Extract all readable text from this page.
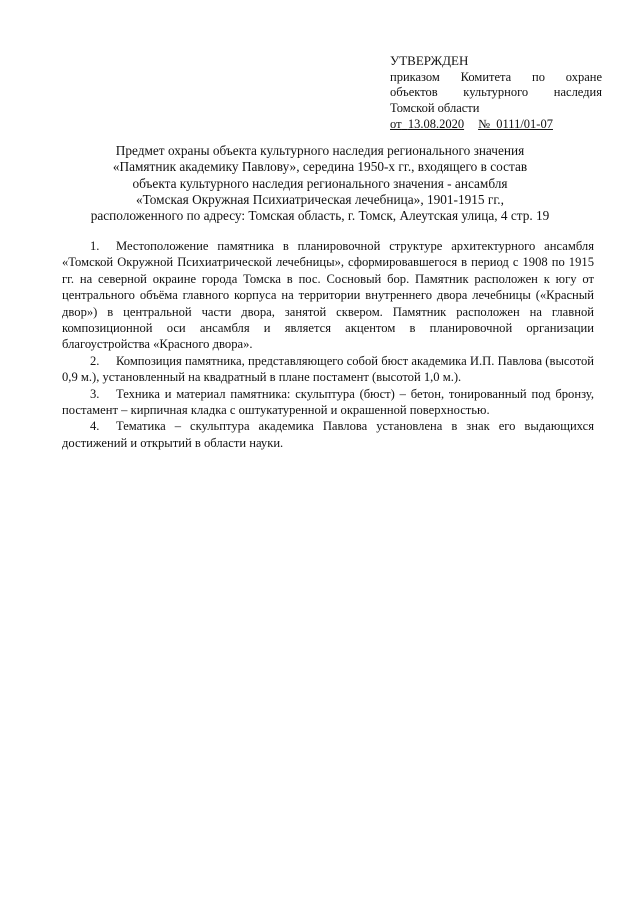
УТВЕРЖДЕН
приказом Комитета по охране
объектов культурного наследия
Томской области
от 13.08.2020 № 0111/01-07
Предмет охраны объекта культурного наследия регионального значения
«Памятник академику Павлову», середина 1950-х гг., входящего в состав
объекта культурного наследия регионального значения - ансамбля
«Томская Окружная Психиатрическая лечебница», 1901-1915 гг.,
расположенного по адресу: Томская область, г. Томск, Алеутская улица, 4 стр. 19

1. Местоположение памятника в планировочной структуре архитектурного ансамбля «Томской Окружной Психиатрической лечебницы», сформировавшегося в период с 1908 по 1915 гг. на северной окраине города Томска в пос. Сосновый бор. Памятник расположен к югу от центрального объёма главного корпуса на территории внутреннего двора лечебницы («Красный двор») в центральной части двора, занятой сквером. Памятник расположен на главной композиционной оси ансамбля и является акцентом в планировочной организации благоустройства «Красного двора».

2. Композиция памятника, представляющего собой бюст академика И.П. Павлова (высотой 0,9 м.), установленный на квадратный в плане постамент (высотой 1,0 м.).

3. Техника и материал памятника: скульптура (бюст) – бетон, тонированный под бронзу, постамент – кирпичная кладка с оштукатуренной и окрашенной поверхностью.

4. Тематика – скульптура академика Павлова установлена в знак его выдающихся достижений и открытий в области науки.
